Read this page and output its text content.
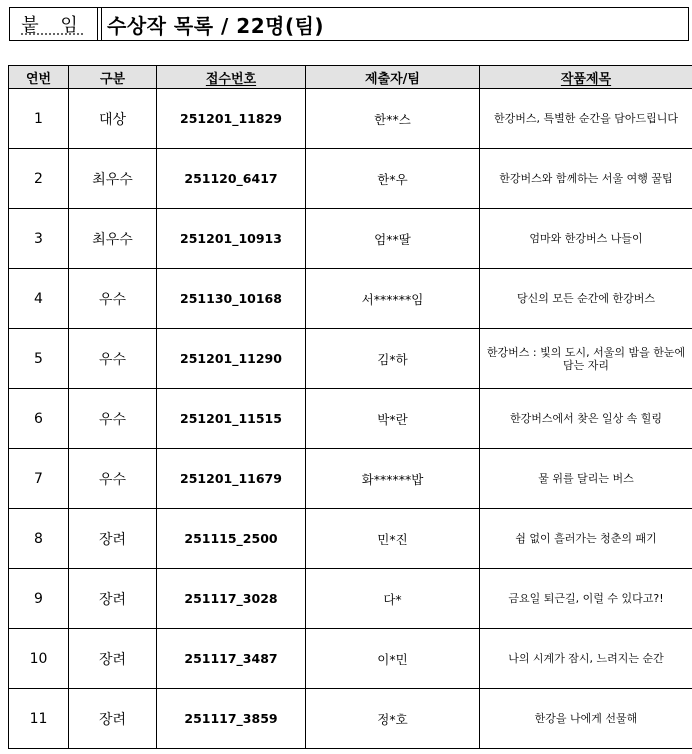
붙 임 수상작 목록 / 22명(팀)
연번	구분	접수번호	제출자/팀	작품제목
1	대상	251201_11829	한**스	한강버스, 특별한 순간을 담아드립니다
2	최우수	251120_6417	한*우	한강버스와 함께하는 서울 여행 꿀팁
3	최우수	251201_10913	엄**딸	엄마와 한강버스 나들이
4	우수	251130_10168	서******임	당신의 모든 순간에 한강버스
5	우수	251201_11290	김*하	한강버스 : 빛의 도시, 서울의 밤을 한눈에 담는 자리
6	우수	251201_11515	박*란	한강버스에서 찾은 일상 속 힐링
7	우수	251201_11679	화******밥	물 위를 달리는 버스
8	장려	251115_2500	민*진	쉼 없이 흘러가는 청춘의 패기
9	장려	251117_3028	다*	금요일 퇴근길, 이럴 수 있다고?!
10	장려	251117_3487	이*민	나의 시계가 잠시, 느려지는 순간
11	장려	251117_3859	정*호	한강을 나에게 선물해
